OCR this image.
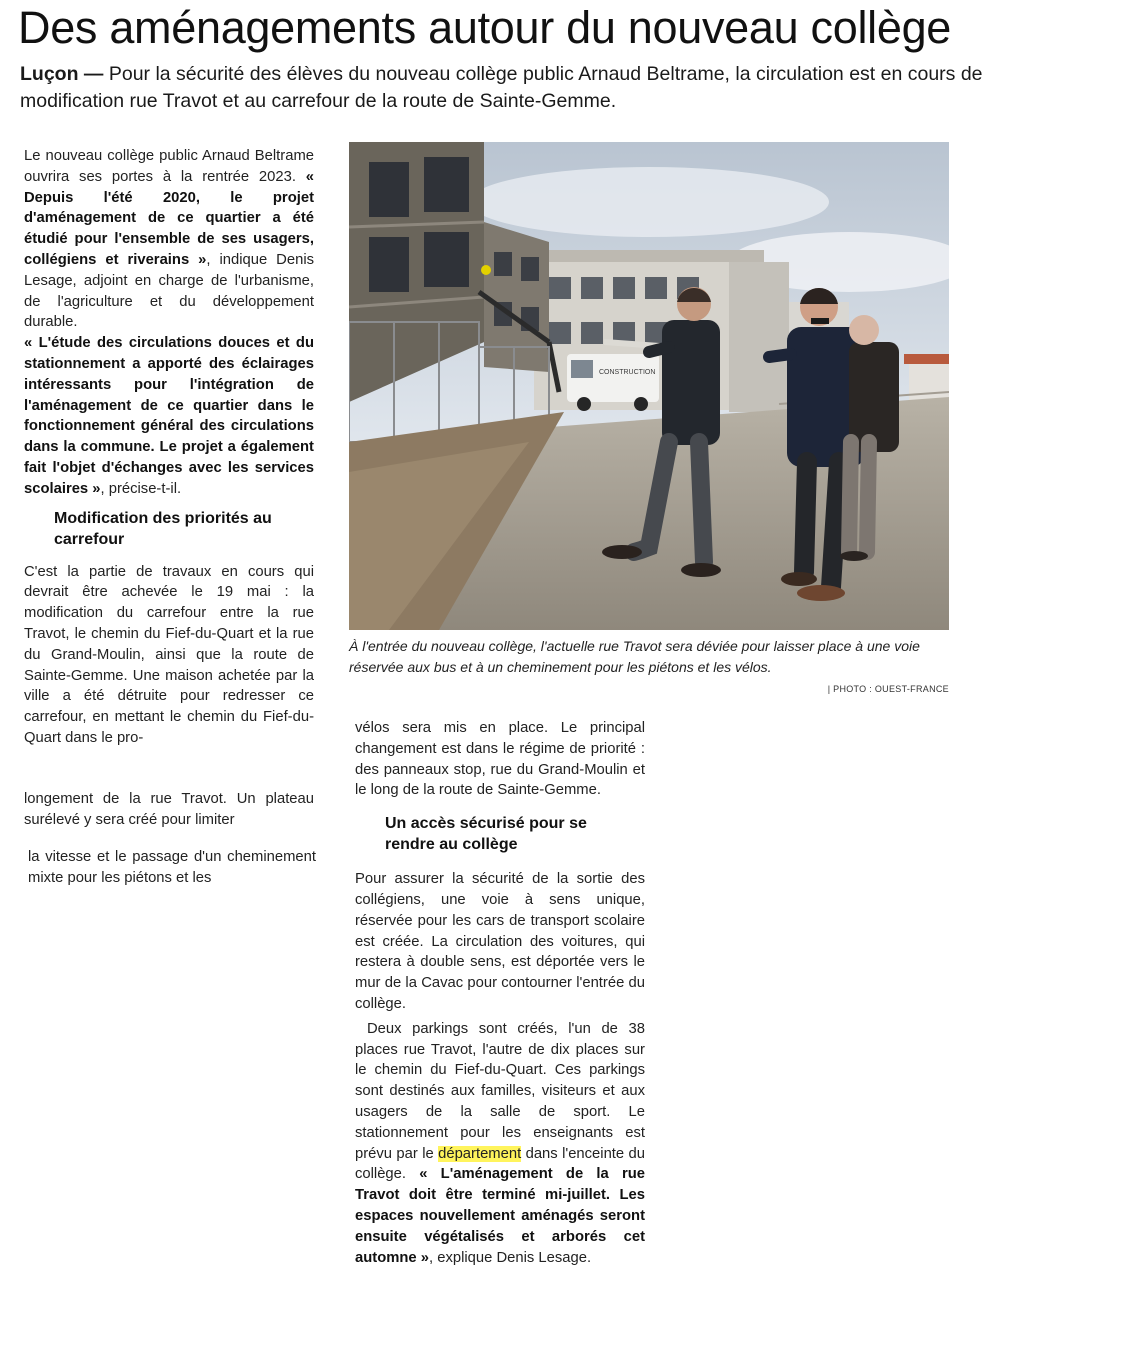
Des aménagements autour du nouveau collège
Luçon — Pour la sécurité des élèves du nouveau collège public Arnaud Beltrame, la circulation est en cours de modification rue Travot et au carrefour de la route de Sainte-Gemme.

Le nouveau collège public Arnaud Beltrame ouvrira ses portes à la rentrée 2023. « Depuis l'été 2020, le projet d'aménagement de ce quartier a été étudié pour l'ensemble de ses usagers, collégiens et riverains », indique Denis Lesage, adjoint en charge de l'urbanisme, de l'agriculture et du développement durable.

« L'étude des circulations douces et du stationnement a apporté des éclairages intéressants pour l'intégration de l'aménagement de ce quartier dans le fonctionnement général des circulations dans la commune. Le projet a également fait l'objet d'échanges avec les services scolaires », précise-t-il.

Modification des priorités au carrefour

C'est la partie de travaux en cours qui devrait être achevée le 19 mai : la modification du carrefour entre la rue Travot, le chemin du Fief-du-Quart et la rue du Grand-Moulin, ainsi que la route de Sainte-Gemme. Une maison achetée par la ville a été détruite pour redresser ce carrefour, en mettant le chemin du Fief-du-Quart dans le pro-

longement de la rue Travot. Un plateau surélevé y sera créé pour limiter

la vitesse et le passage d'un cheminement mixte pour les piétons et les

CONSTRUCTION
À l'entrée du nouveau collège, l'actuelle rue Travot sera déviée pour laisser place à une voie réservée aux bus et à un cheminement pour les piétons et les vélos.
| PHOTO : OUEST-FRANCE

vélos sera mis en place. Le principal changement est dans le régime de priorité : des panneaux stop, rue du Grand-Moulin et le long de la route de Sainte-Gemme.

Un accès sécurisé pour se rendre au collège

Pour assurer la sécurité de la sortie des collégiens, une voie à sens unique, réservée pour les cars de transport scolaire est créée. La circulation des voitures, qui restera à double sens, est déportée vers le mur de la Cavac pour contourner l'entrée du collège.

Deux parkings sont créés, l'un de 38 places rue Travot, l'autre de dix places sur le chemin du Fief-du-Quart. Ces parkings sont destinés aux familles, visiteurs et aux usagers de la salle de sport. Le stationnement pour les enseignants est prévu par le département dans l'enceinte du collège. « L'aménagement de la rue Travot doit être terminé mi-juillet. Les espaces nouvellement aménagés seront ensuite végétalisés et arborés cet automne », explique Denis Lesage.
